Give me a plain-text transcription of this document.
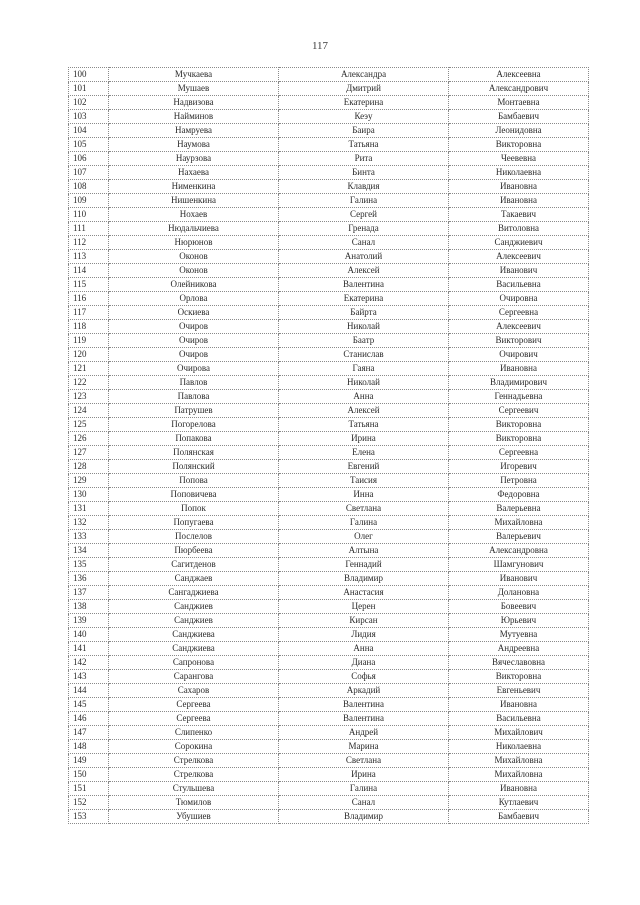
117
100	Мучкаева	Александра	Алексеевна
101	Мушаев	Дмитрий	Александрович
102	Надвизова	Екатерина	Монтаевна
103	Найминов	Кеэу	Бамбаевич
104	Намруева	Баира	Леонидовна
105	Наумова	Татьяна	Викторовна
106	Наурзова	Рита	Чеевевна
107	Нахаева	Бинта	Николаевна
108	Нименкина	Клавдия	Ивановна
109	Нишенкина	Галина	Ивановна
110	Нохаев	Сергей	Такаевич
111	Нюдальчиева	Гренада	Витоловна
112	Нюрюнов	Санал	Санджиевич
113	Оконов	Анатолий	Алексеевич
114	Оконов	Алексей	Иванович
115	Олейникова	Валентина	Васильевна
116	Орлова	Екатерина	Очировна
117	Оскиева	Байрта	Сергеевна
118	Очиров	Николай	Алексеевич
119	Очиров	Баатр	Викторович
120	Очиров	Станислав	Очирович
121	Очирова	Гаяна	Ивановна
122	Павлов	Николай	Владимирович
123	Павлова	Анна	Геннадьевна
124	Патрушев	Алексей	Сергеевич
125	Погорелова	Татьяна	Викторовна
126	Попакова	Ирина	Викторовна
127	Полянская	Елена	Сергеевна
128	Полянский	Евгений	Игоревич
129	Попова	Таисия	Петровна
130	Поповичева	Инна	Федоровна
131	Попок	Светлана	Валерьевна
132	Попугаева	Галина	Михайловна
133	Послелов	Олег	Валерьевич
134	Пюрбеева	Алтына	Александровна
135	Сагитденов	Геннадий	Шамгунович
136	Санджаев	Владимир	Иванович
137	Сангаджиева	Анастасия	Долановна
138	Санджиев	Церен	Бовеевич
139	Санджиев	Кирсан	Юрьевич
140	Санджиева	Лидия	Мутуевна
141	Санджиева	Анна	Андреевна
142	Сапронова	Диана	Вячеславовна
143	Сарангова	Софья	Викторовна
144	Сахаров	Аркадий	Евгеньевич
145	Сергеева	Валентина	Ивановна
146	Сергеева	Валентина	Васильевна
147	Слипенко	Андрей	Михайлович
148	Сорокина	Марина	Николаевна
149	Стрелкова	Светлана	Михайловна
150	Стрелкова	Ирина	Михайловна
151	Стульшева	Галина	Ивановна
152	Тюмилов	Санал	Кутлаевич
153	Убушиев	Владимир	Бамбаевич
